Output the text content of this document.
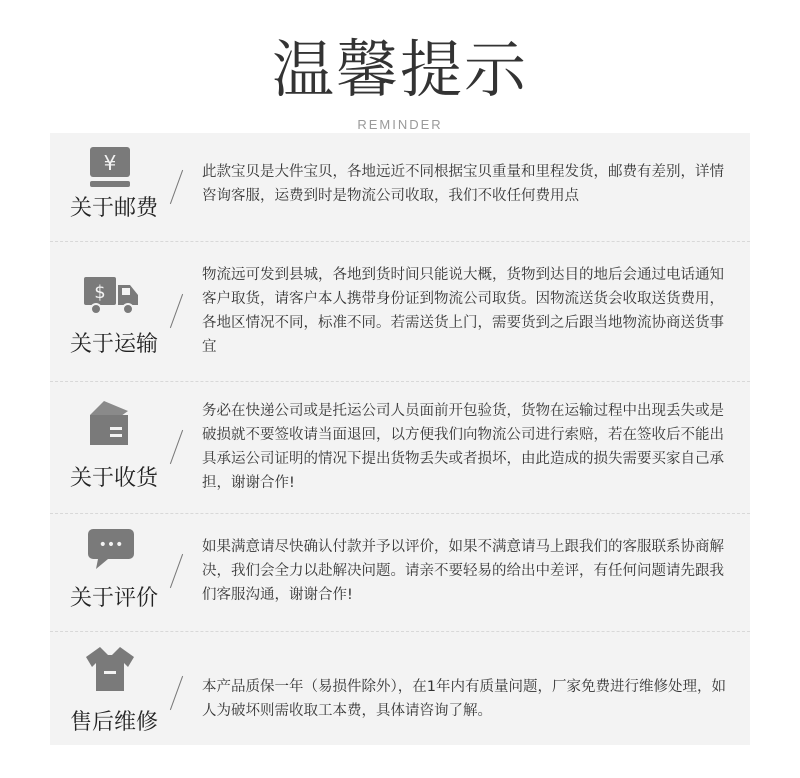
温馨提示
REMINDER
¥
关于邮费
此款宝贝是大件宝贝，各地远近不同根据宝贝重量和里程发货，邮费有差别，详情咨询客服，运费到时是物流公司收取，我们不收任何费用点
$
关于运输
物流远可发到县城，各地到货时间只能说大概，货物到达目的地后会通过电话通知客户取货，请客户本人携带身份证到物流公司取货。因物流送货会收取送货费用，各地区情况不同，标准不同。若需送货上门，需要货到之后跟当地物流协商送货事宜
关于收货
务必在快递公司或是托运公司人员面前开包验货，货物在运输过程中出现丢失或是破损就不要签收请当面退回，以方便我们向物流公司进行索赔，若在签收后不能出具承运公司证明的情况下提出货物丢失或者损坏，由此造成的损失需要买家自己承担，谢谢合作!
•••
关于评价
如果满意请尽快确认付款并予以评价，如果不满意请马上跟我们的客服联系协商解决，我们会全力以赴解决问题。请亲不要轻易的给出中差评，有任何问题请先跟我们客服沟通，谢谢合作!
售后维修
本产品质保一年（易损件除外），在1年内有质量问题，厂家免费进行维修处理，如人为破坏则需收取工本费，具体请咨询了解。
